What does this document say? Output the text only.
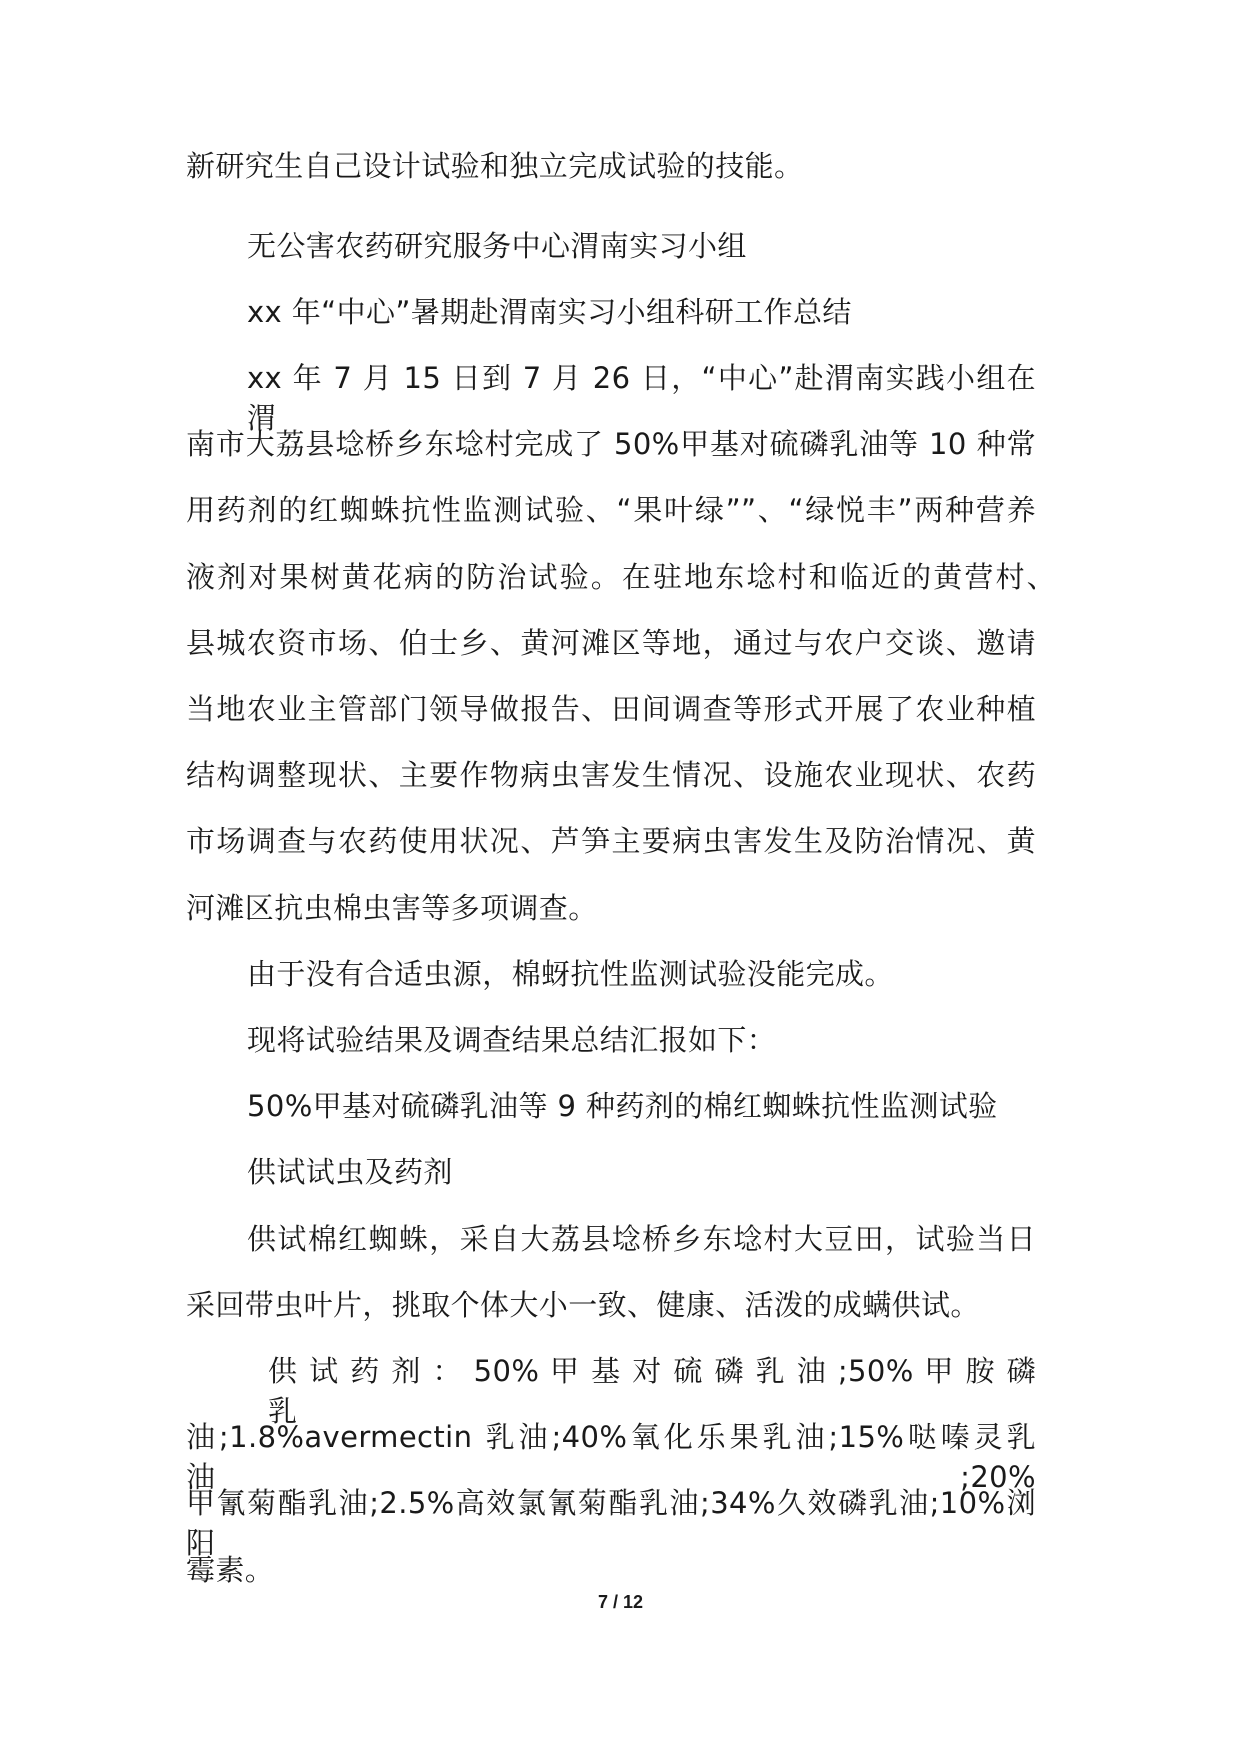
新研究生自己设计试验和独立完成试验的技能。
无公害农药研究服务中心渭南实习小组
xx 年“中心”暑期赴渭南实习小组科研工作总结
xx 年 7 月 15 日到 7 月 26 日，“中心”赴渭南实践小组在渭
南市大荔县埝桥乡东埝村完成了 50%甲基对硫磷乳油等 10 种常
用药剂的红蜘蛛抗性监测试验、“果叶绿””、“绿悦丰”两种营养
液剂对果树黄花病的防治试验。在驻地东埝村和临近的黄营村、
县城农资市场、伯士乡、黄河滩区等地，通过与农户交谈、邀请
当地农业主管部门领导做报告、田间调查等形式开展了农业种植
结构调整现状、主要作物病虫害发生情况、设施农业现状、农药
市场调查与农药使用状况、芦笋主要病虫害发生及防治情况、黄
河滩区抗虫棉虫害等多项调查。
由于没有合适虫源，棉蚜抗性监测试验没能完成。
现将试验结果及调查结果总结汇报如下：
50%甲基对硫磷乳油等 9 种药剂的棉红蜘蛛抗性监测试验
供试试虫及药剂
供试棉红蜘蛛，采自大荔县埝桥乡东埝村大豆田，试验当日
采回带虫叶片，挑取个体大小一致、健康、活泼的成螨供试。
供 试 药 剂 ： 50% 甲 基 对 硫 磷 乳 油 ;50% 甲 胺 磷 乳
油;1.8%avermectin 乳油;40%氧化乐果乳油;15%哒嗪灵乳油;20%
甲氰菊酯乳油;2.5%高效氯氰菊酯乳油;34%久效磷乳油;10%浏阳
霉素。
7 / 12
